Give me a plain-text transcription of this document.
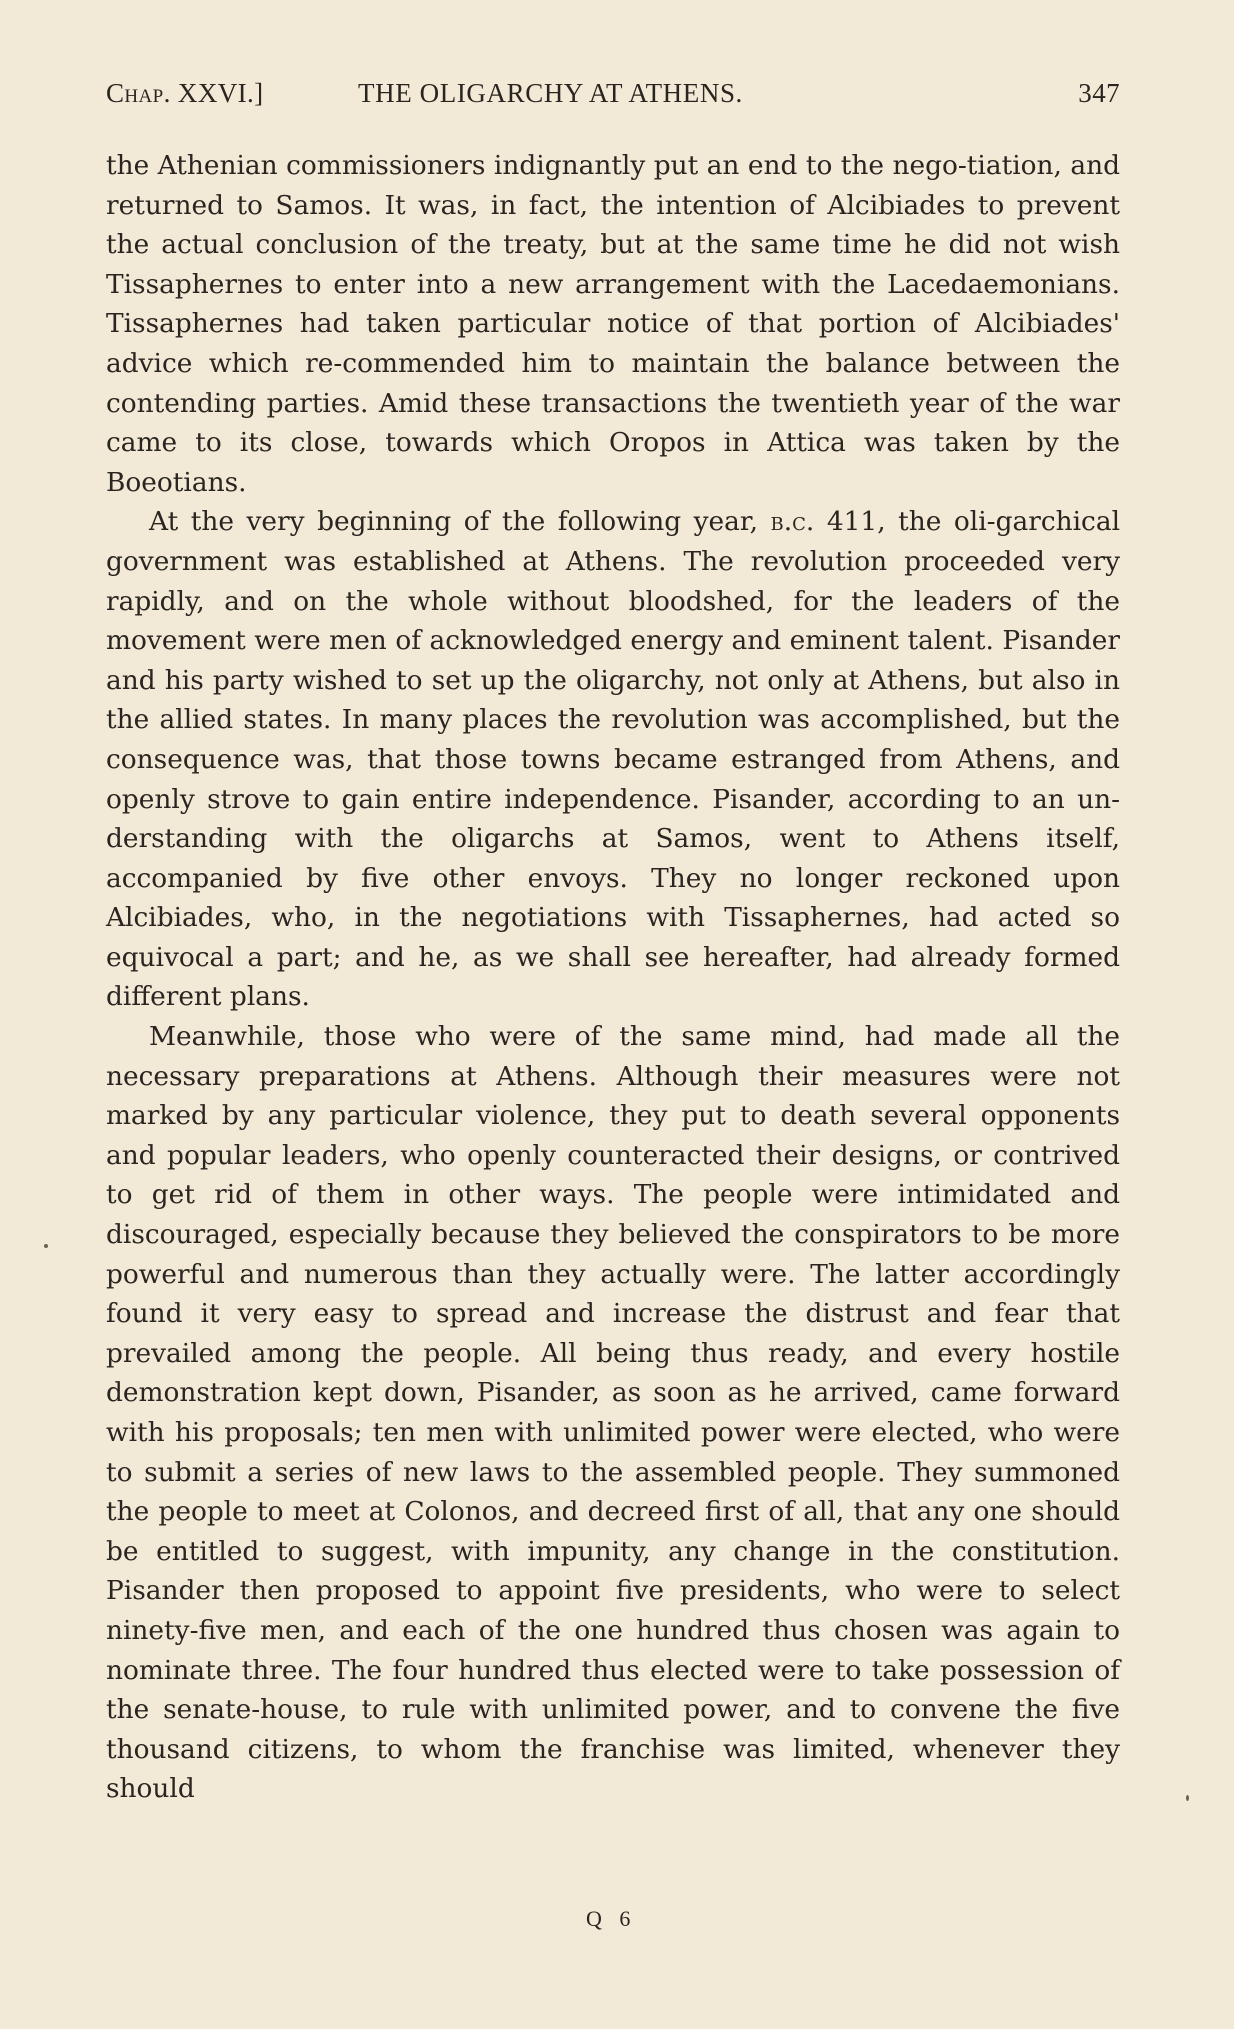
Chap. XXVI.]	THE OLIGARCHY AT ATHENS.	347

the Athenian commissioners indignantly put an end to the nego-tiation, and returned to Samos. It was, in fact, the intention of Alcibiades to prevent the actual conclusion of the treaty, but at the same time he did not wish Tissaphernes to enter into a new arrangement with the Lacedaemonians. Tissaphernes had taken particular notice of that portion of Alcibiades' advice which re-commended him to maintain the balance between the contending parties. Amid these transactions the twentieth year of the war came to its close, towards which Oropos in Attica was taken by the Boeotians.

At the very beginning of the following year, b.c. 411, the oli-garchical government was established at Athens. The revolution proceeded very rapidly, and on the whole without bloodshed, for the leaders of the movement were men of acknowledged energy and eminent talent. Pisander and his party wished to set up the oligarchy, not only at Athens, but also in the allied states. In many places the revolution was accomplished, but the consequence was, that those towns became estranged from Athens, and openly strove to gain entire independence. Pisander, according to an un-derstanding with the oligarchs at Samos, went to Athens itself, accompanied by five other envoys. They no longer reckoned upon Alcibiades, who, in the negotiations with Tissaphernes, had acted so equivocal a part; and he, as we shall see hereafter, had already formed different plans.

Meanwhile, those who were of the same mind, had made all the necessary preparations at Athens. Although their measures were not marked by any particular violence, they put to death several opponents and popular leaders, who openly counteracted their designs, or contrived to get rid of them in other ways. The people were intimidated and discouraged, especially because they believed the conspirators to be more powerful and numerous than they actually were. The latter accordingly found it very easy to spread and increase the distrust and fear that prevailed among the people. All being thus ready, and every hostile demonstration kept down, Pisander, as soon as he arrived, came forward with his proposals; ten men with unlimited power were elected, who were to submit a series of new laws to the assembled people. They summoned the people to meet at Colonos, and decreed first of all, that any one should be entitled to suggest, with impunity, any change in the constitution. Pisander then proposed to appoint five presidents, who were to select ninety-five men, and each of the one hundred thus chosen was again to nominate three. The four hundred thus elected were to take possession of the senate-house, to rule with unlimited power, and to convene the five thousand citizens, to whom the franchise was limited, whenever they should

Q 6
